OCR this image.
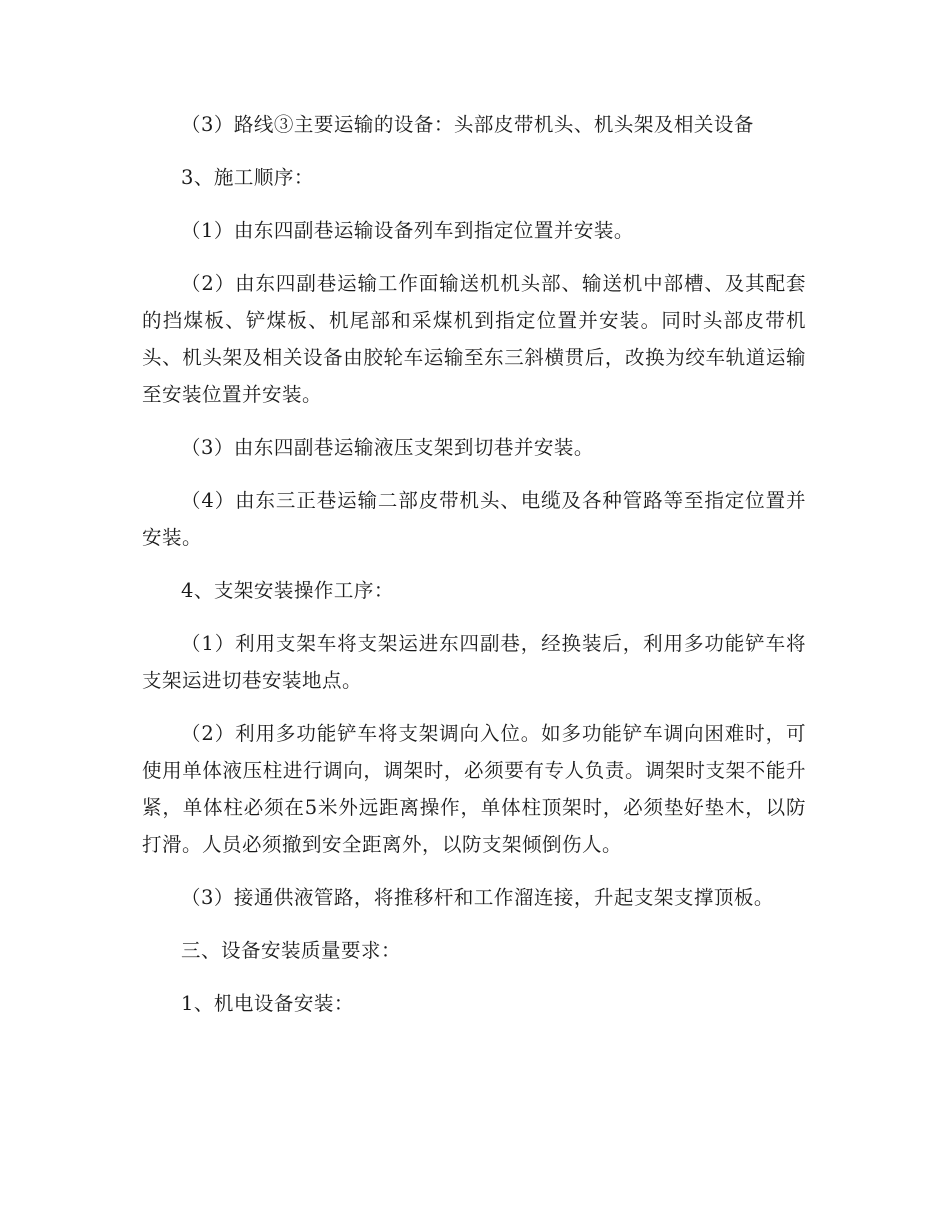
（3）路线③主要运输的设备：头部皮带机头、机头架及相关设备

3、施工顺序：

（1）由东四副巷运输设备列车到指定位置并安装。

（2）由东四副巷运输工作面输送机机头部、输送机中部槽、及其配套的挡煤板、铲煤板、机尾部和采煤机到指定位置并安装。同时头部皮带机头、机头架及相关设备由胶轮车运输至东三斜横贯后，改换为绞车轨道运输至安装位置并安装。

（3）由东四副巷运输液压支架到切巷并安装。

（4）由东三正巷运输二部皮带机头、电缆及各种管路等至指定位置并安装。

4、支架安装操作工序：

（1）利用支架车将支架运进东四副巷，经换装后，利用多功能铲车将支架运进切巷安装地点。

（2）利用多功能铲车将支架调向入位。如多功能铲车调向困难时，可使用单体液压柱进行调向，调架时，必须要有专人负责。调架时支架不能升紧，单体柱必须在5米外远距离操作，单体柱顶架时，必须垫好垫木，以防打滑。人员必须撤到安全距离外，以防支架倾倒伤人。

（3）接通供液管路，将推移杆和工作溜连接，升起支架支撑顶板。

三、设备安装质量要求：

1、机电设备安装：
